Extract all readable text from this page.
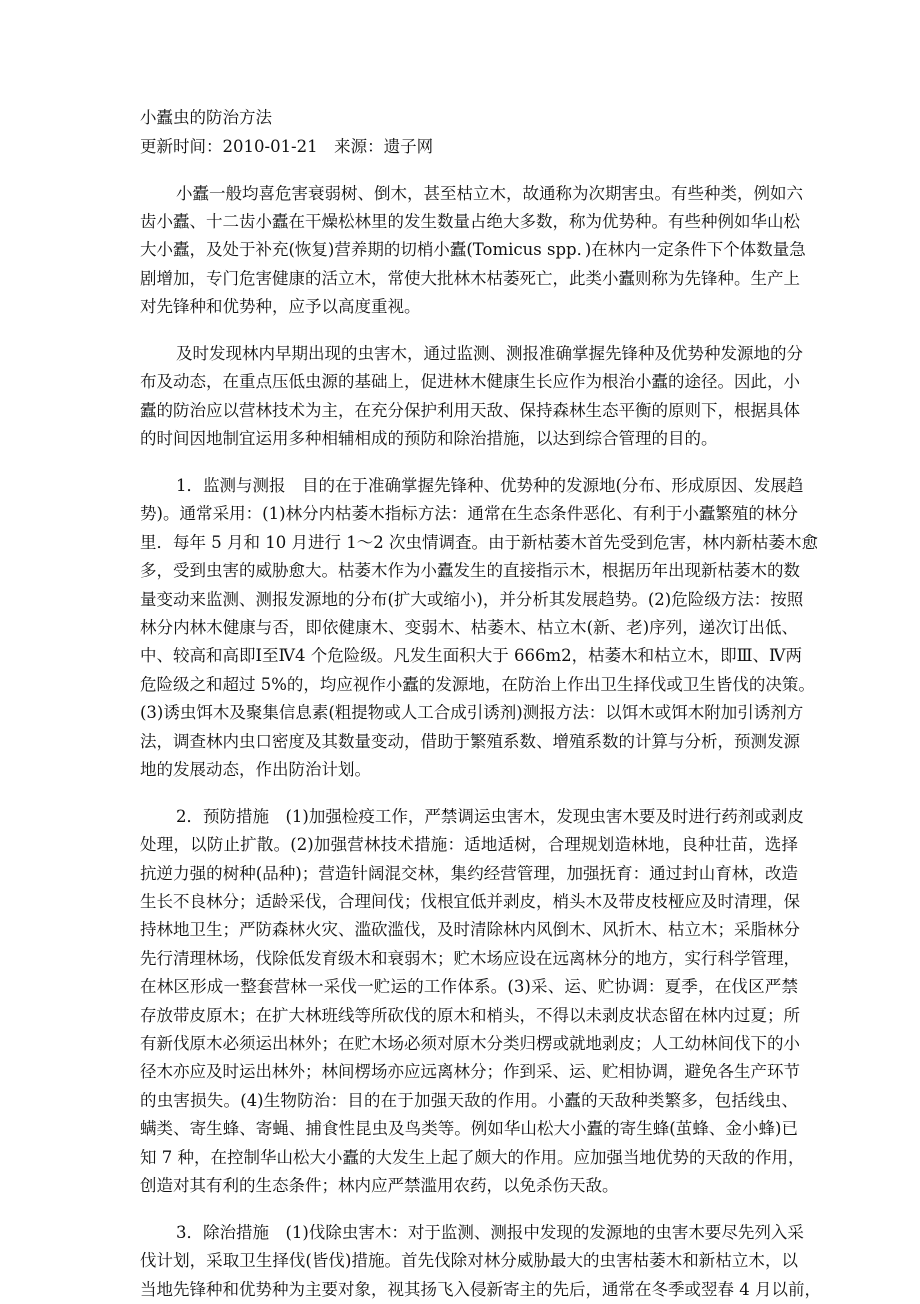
小蠹虫的防治方法
更新时间：2010-01-21　来源：遗子网
小蠹一般均喜危害衰弱树、倒木，甚至枯立木，故通称为次期害虫。有些种类，例如六
齿小蠹、十二齿小蠹在干燥松林里的发生数量占绝大多数，称为优势种。有些种例如华山松
大小蠹，及处于补充(恢复)营养期的切梢小蠹(Tomicus spp．)在林内一定条件下个体数量急
剧增加，专门危害健康的活立木，常使大批林木枯萎死亡，此类小蠹则称为先锋种。生产上
对先锋种和优势种，应予以高度重视。
及时发现林内早期出现的虫害木，通过监测、测报准确掌握先锋种及优势种发源地的分
布及动态，在重点压低虫源的基础上，促进林木健康生长应作为根治小蠹的途径。因此，小
蠹的防治应以营林技术为主，在充分保护利用天敌、保持森林生态平衡的原则下，根据具体
的时间因地制宜运用多种相辅相成的预防和除治措施，以达到综合管理的目的。
1．监测与测报　目的在于准确掌握先锋种、优势种的发源地(分布、形成原因、发展趋
势)。通常采用：(1)林分内枯萎木指标方法：通常在生态条件恶化、有利于小蠹繁殖的林分
里．每年 5 月和 10 月进行 1～2 次虫情调査。由于新枯萎木首先受到危害，林内新枯萎木愈
多，受到虫害的威胁愈大。枯萎木作为小蠹发生的直接指示木，根据历年出现新枯萎木的数
量变动来监测、测报发源地的分布(扩大或缩小)，并分析其发展趋势。(2)危险级方法：按照
林分内林木健康与否，即依健康木、变弱木、枯萎木、枯立木(新、老)序列，递次订出低、
中、较高和高即Ⅰ至Ⅳ4 个危险级。凡发生面积大于 666m2，枯萎木和枯立木，即Ⅲ、Ⅳ两
危险级之和超过 5%的，均应视作小蠹的发源地，在防治上作出卫生择伐或卫生皆伐的决策。
(3)诱虫饵木及聚集信息素(粗提物或人工合成引诱剂)测报方法：以饵木或饵木附加引诱剂方
法，调查林内虫口密度及其数量变动，借助于繁殖系数、增殖系数的计算与分析，预测发源
地的发展动态，作出防治计划。
2．预防措施　(1)加强检疫工作，严禁调运虫害木，发现虫害木要及时进行药剂或剥皮
处理，以防止扩散。(2)加强营林技术措施：适地适树，合理规划造林地，良种壮苗，选择
抗逆力强的树种(品种)；营造针阔混交林，集约经营管理，加强抚育：通过封山育林，改造
生长不良林分；适龄采伐，合理间伐；伐根宜低并剥皮，梢头木及带皮枝桠应及时清理，保
持林地卫生；严防森林火灾、滥砍滥伐，及时清除林内风倒木、风折木、枯立木；采脂林分
先行清理林场，伐除低发育级木和衰弱木；贮木场应设在远离林分的地方，实行科学管理，
在林区形成一整套营林一采伐一贮运的工作体系。(3)采、运、贮协调：夏季，在伐区严禁
存放带皮原木；在扩大林班线等所砍伐的原木和梢头，不得以未剥皮状态留在林内过夏；所
有新伐原木必须运出林外；在贮木场必须对原木分类归楞或就地剥皮；人工幼林间伐下的小
径木亦应及时运出林外；林间楞场亦应远离林分；作到采、运、贮相协调，避免各生产环节
的虫害损失。(4)生物防治：目的在于加强天敌的作用。小蠹的天敌种类繁多，包括线虫、
螨类、寄生蜂、寄蝇、捕食性昆虫及鸟类等。例如华山松大小蠹的寄生蜂(茧蜂、金小蜂)已
知 7 种，在控制华山松大小蠹的大发生上起了颇大的作用。应加强当地优势的天敌的作用，
创造对其有利的生态条件；林内应严禁滥用农药，以免杀伤天敌。
3．除治措施　(1)伐除虫害木：对于监测、测报中发现的发源地的虫害木要尽先列入采
伐计划，采取卫生择伐(皆伐)措施。首先伐除对林分威胁最大的虫害枯萎木和新枯立木，以
当地先锋种和优势种为主要对象，视其扬飞入侵新寄主的先后，通常在冬季或翌春 4 月以前，
